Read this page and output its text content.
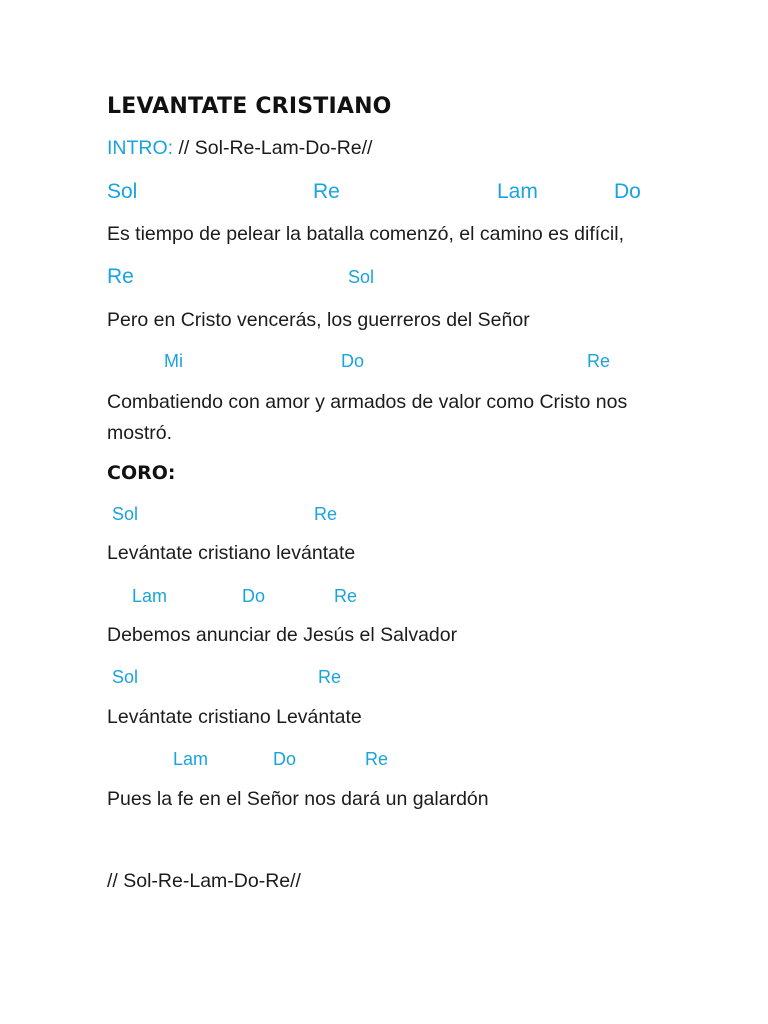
LEVANTATE CRISTIANO
INTRO: // Sol-Re-Lam-Do-Re//
Sol	Re	Lam	Do
Es tiempo de pelear la batalla comenzó, el camino es difícil,
Re	Sol
Pero en Cristo vencerás, los guerreros del Señor
Mi	Do	Re
Combatiendo con amor y armados de valor como Cristo nos
mostró.
CORO:
Sol	Re
Levántate cristiano levántate
Lam	Do	Re
Debemos anunciar de Jesús el Salvador
Sol	Re
Levántate cristiano Levántate
Lam	Do	Re
Pues la fe en el Señor nos dará un galardón
// Sol-Re-Lam-Do-Re//
